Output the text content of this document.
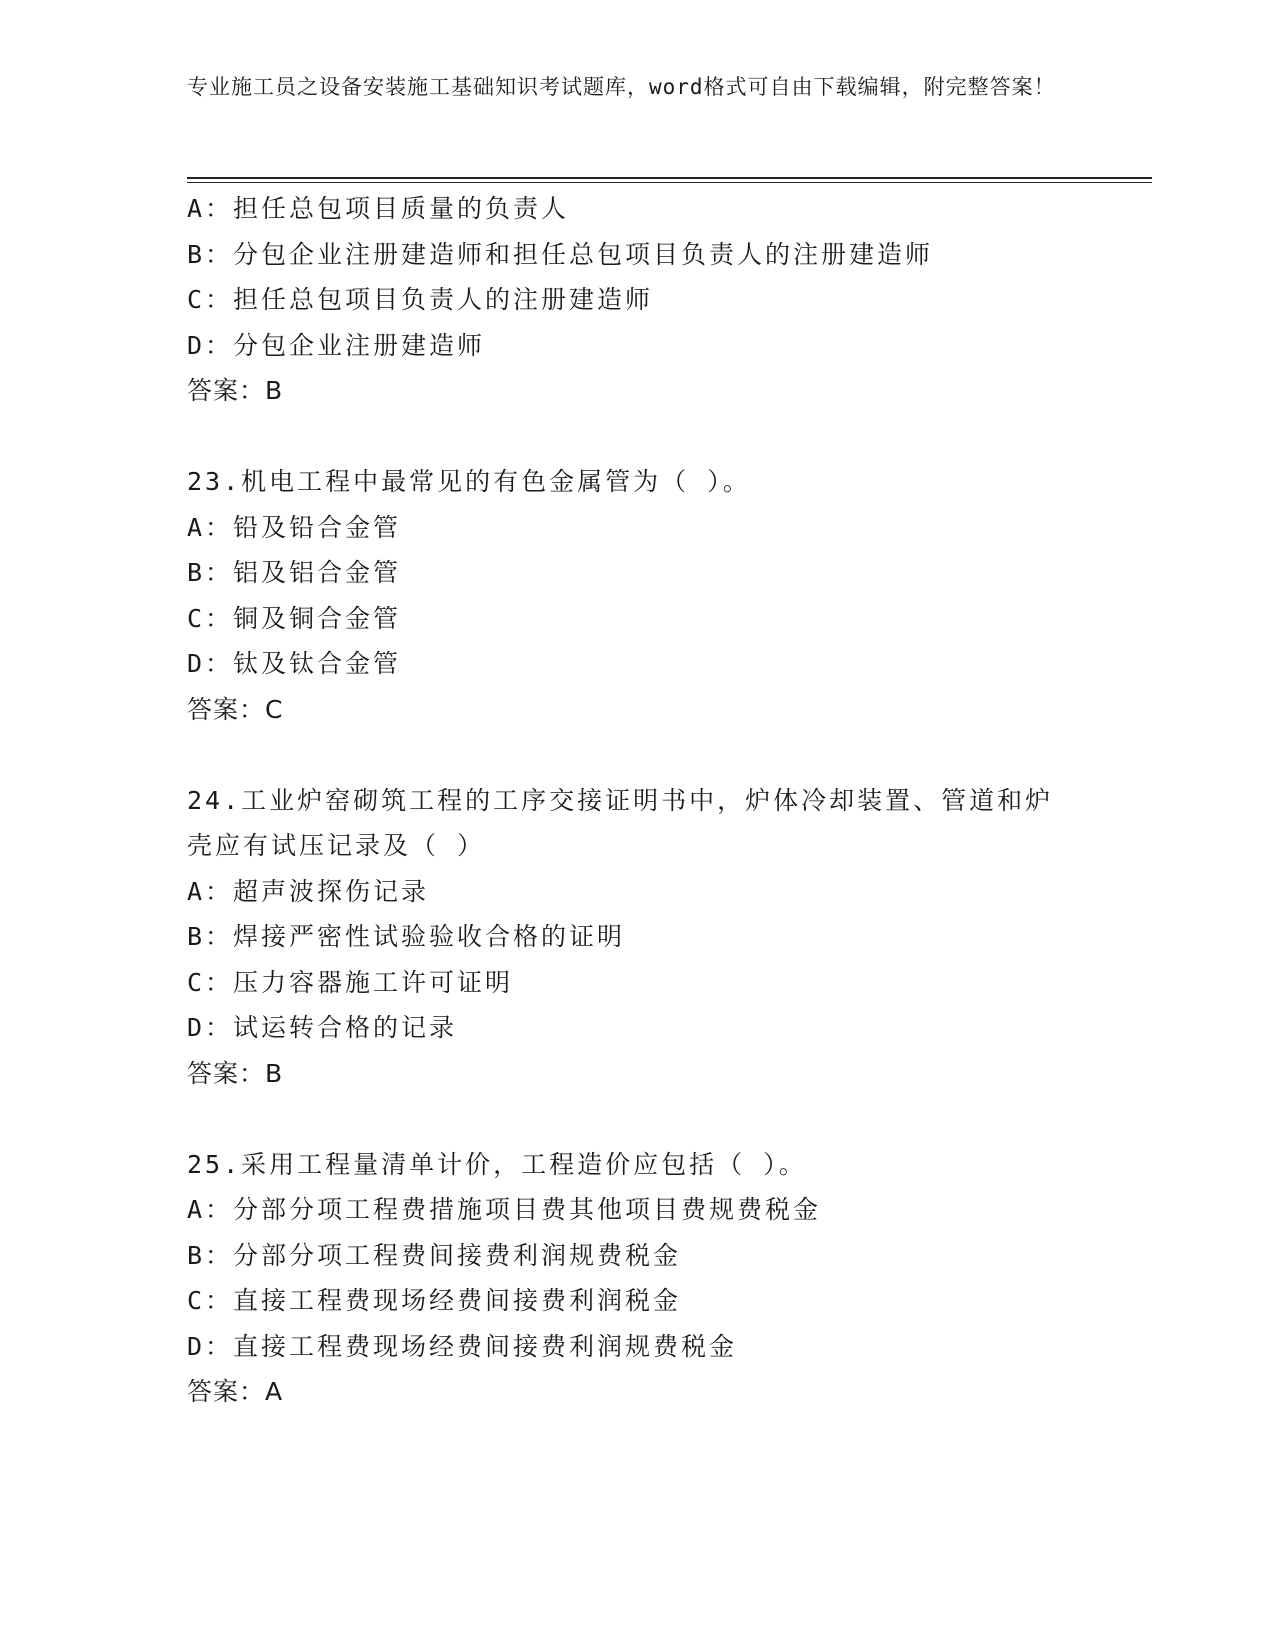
专业施工员之设备安装施工基础知识考试题库，word格式可自由下载编辑，附完整答案！

A：担任总包项目质量的负责人
B：分包企业注册建造师和担任总包项目负责人的注册建造师
C：担任总包项目负责人的注册建造师
D：分包企业注册建造师
答案：B
23.机电工程中最常见的有色金属管为（ ）。
A：铅及铅合金管
B：铝及铝合金管
C：铜及铜合金管
D：钛及钛合金管
答案：C
24.工业炉窑砌筑工程的工序交接证明书中，炉体冷却装置、管道和炉
壳应有试压记录及（ ）
A：超声波探伤记录
B：焊接严密性试验验收合格的证明
C：压力容器施工许可证明
D：试运转合格的记录
答案：B
25.采用工程量清单计价，工程造价应包括（ ）。
A：分部分项工程费措施项目费其他项目费规费税金
B：分部分项工程费间接费利润规费税金
C：直接工程费现场经费间接费利润税金
D：直接工程费现场经费间接费利润规费税金
答案：A
